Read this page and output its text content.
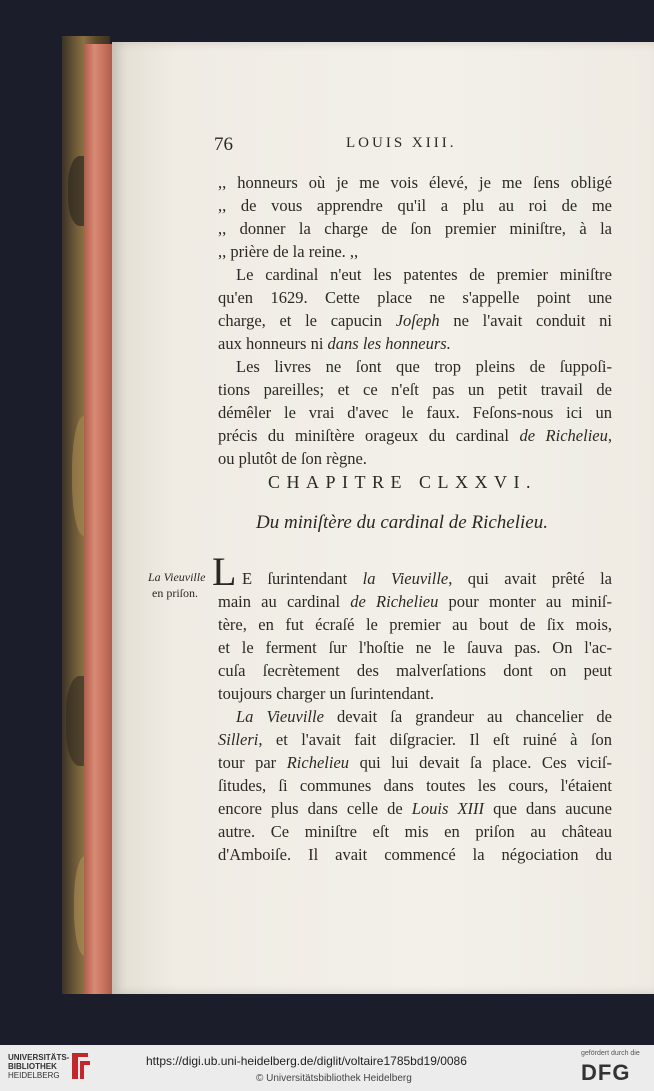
76	LOUIS XIII.
,, honneurs où je me vois élevé, je me ſens obligé
,, de vous apprendre qu'il a plu au roi de me
,, donner la charge de ſon premier miniſtre, à la
,, prière de la reine. ,,
Le cardinal n'eut les patentes de premier miniſtre
qu'en 1629. Cette place ne s'appelle point une
charge, et le capucin Joſeph ne l'avait conduit ni
aux honneurs ni dans les honneurs.
Les livres ne ſont que trop pleins de ſuppoſi-
tions pareilles; et ce n'eſt pas un petit travail de
démêler le vrai d'avec le faux. Feſons-nous ici un
précis du miniſtère orageux du cardinal de Richelieu,
ou plutôt de ſon règne.
CHAPITRE CLXXVI.
Du miniſtère du cardinal de Richelieu.
La Vieuville
en priſon. L E ſurintendant la Vieuville, qui avait prêté la
main au cardinal de Richelieu pour monter au miniſ-
tère, en fut écraſé le premier au bout de ſix mois,
et le ferment ſur l'hoſtie ne le ſauva pas. On l'ac-
cuſa ſecrètement des malverſations dont on peut
toujours charger un ſurintendant.
La Vieuville devait ſa grandeur au chancelier de
Silleri, et l'avait fait diſgracier. Il eſt ruiné à ſon
tour par Richelieu qui lui devait ſa place. Ces viciſ-
ſitudes, ſi communes dans toutes les cours, l'étaient
encore plus dans celle de Louis XIII que dans aucune
autre. Ce miniſtre eſt mis en priſon au château
d'Amboiſe. Il avait commencé la négociation du
UNIVERSITÄTS-
BIBLIOTHEK
HEIDELBERG
https://digi.ub.uni-heidelberg.de/diglit/voltaire1785bd19/0086
© Universitätsbibliothek Heidelberg
gefördert durch die
DFG
